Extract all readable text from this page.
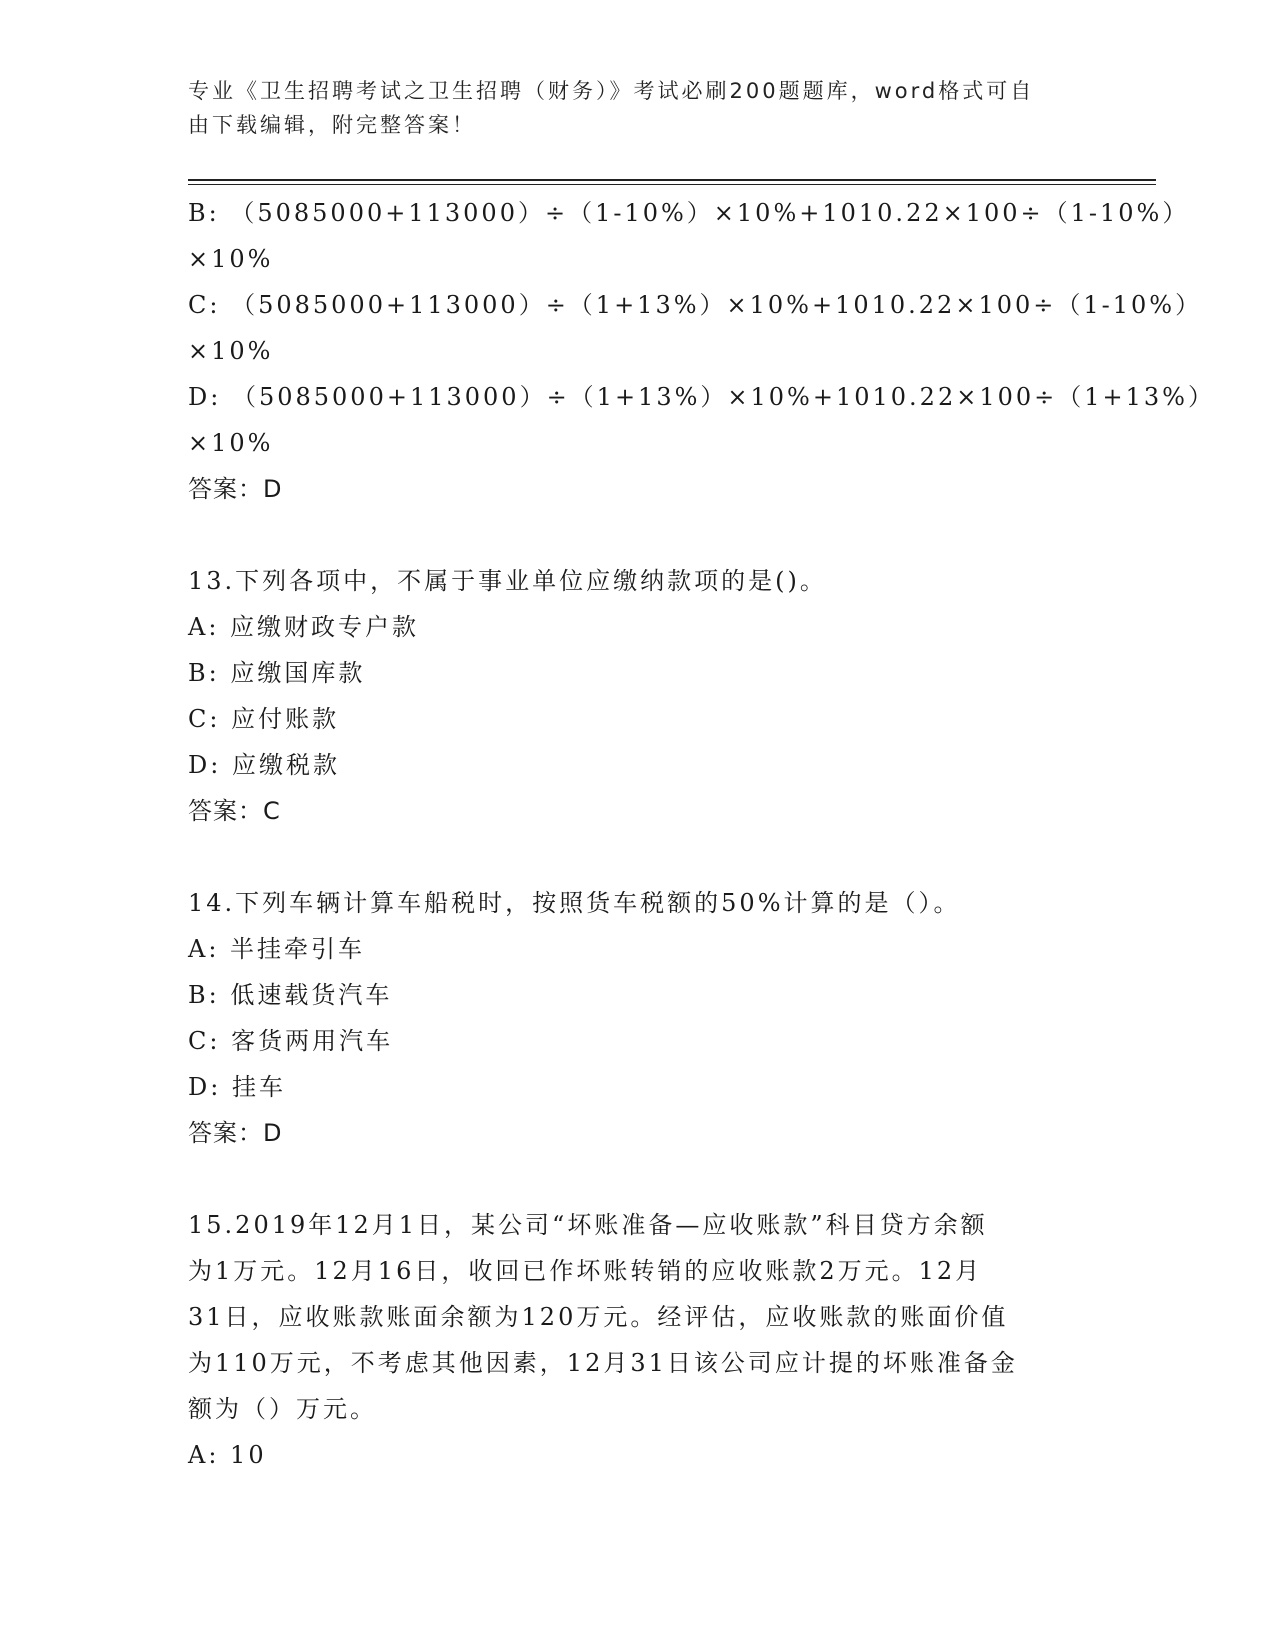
专业《卫生招聘考试之卫生招聘（财务）》考试必刷200题题库，word格式可自
由下载编辑，附完整答案！
B: （5085000+113000）÷（1-10%）×10%+1010.22×100÷（1-10%）
×10%
C: （5085000+113000）÷（1+13%）×10%+1010.22×100÷（1-10%）
×10%
D: （5085000+113000）÷（1+13%）×10%+1010.22×100÷（1+13%）
×10%
答案：D
13.下列各项中，不属于事业单位应缴纳款项的是()。
A: 应缴财政专户款
B: 应缴国库款
C: 应付账款
D: 应缴税款
答案：C
14.下列车辆计算车船税时，按照货车税额的50%计算的是（）。
A: 半挂牵引车
B: 低速载货汽车
C: 客货两用汽车
D: 挂车
答案：D
15.2019年12月1日，某公司“坏账准备—应收账款”科目贷方余额
为1万元。12月16日，收回已作坏账转销的应收账款2万元。12月
31日，应收账款账面余额为120万元。经评估，应收账款的账面价值
为110万元，不考虑其他因素，12月31日该公司应计提的坏账准备金
额为（）万元。
A: 10
